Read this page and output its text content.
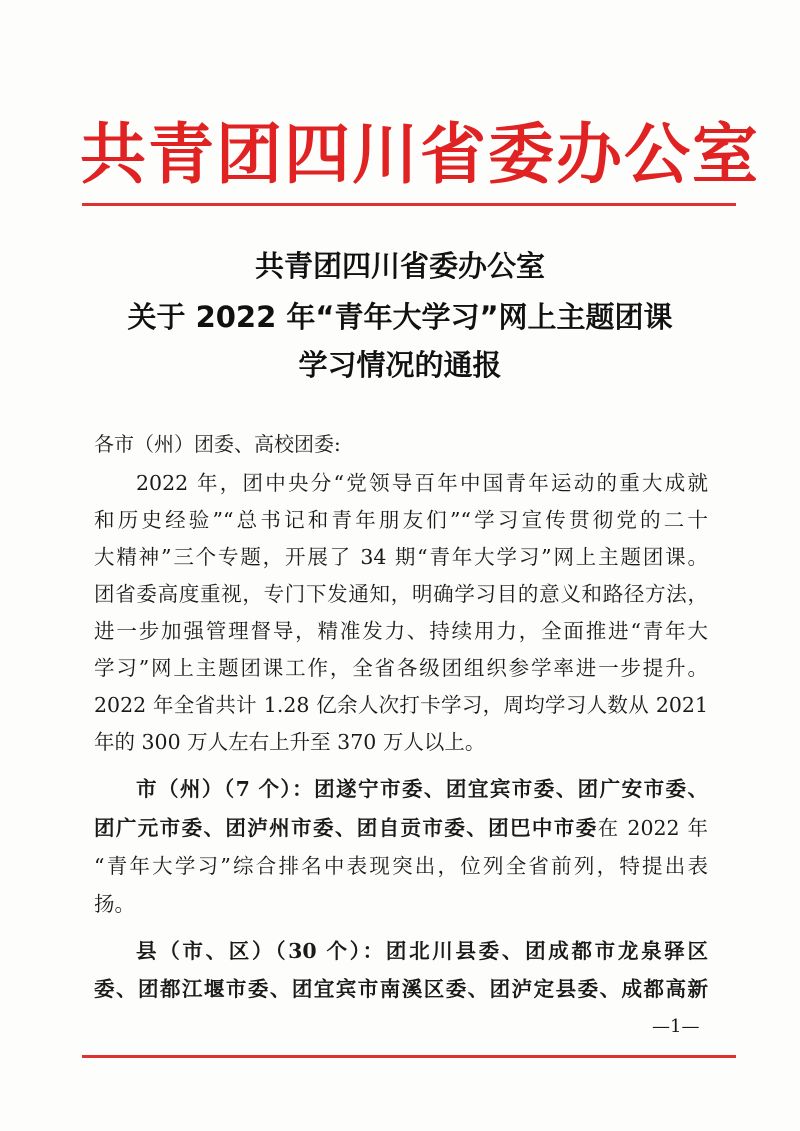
共青团四川省委办公室
共青团四川省委办公室
关于 2022 年“青年大学习”网上主题团课
学习情况的通报
各市（州）团委、高校团委:
2022 年，团中央分“党领导百年中国青年运动的重大成就
和历史经验”“总书记和青年朋友们”“学习宣传贯彻党的二十
大精神”三个专题，开展了 34 期“青年大学习”网上主题团课。
团省委高度重视，专门下发通知，明确学习目的意义和路径方法，
进一步加强管理督导，精准发力、持续用力，全面推进“青年大
学习”网上主题团课工作，全省各级团组织参学率进一步提升。
2022 年全省共计 1.28 亿余人次打卡学习，周均学习人数从 2021
年的 300 万人左右上升至 370 万人以上。
市（州）（7 个）：团遂宁市委、团宜宾市委、团广安市委、
团广元市委、团泸州市委、团自贡市委、团巴中市委在 2022 年
“青年大学习”综合排名中表现突出，位列全省前列，特提出表
扬。
县（市、区）（30 个）：团北川县委、团成都市龙泉驿区
委、团都江堰市委、团宜宾市南溪区委、团泸定县委、成都高新
—1—
